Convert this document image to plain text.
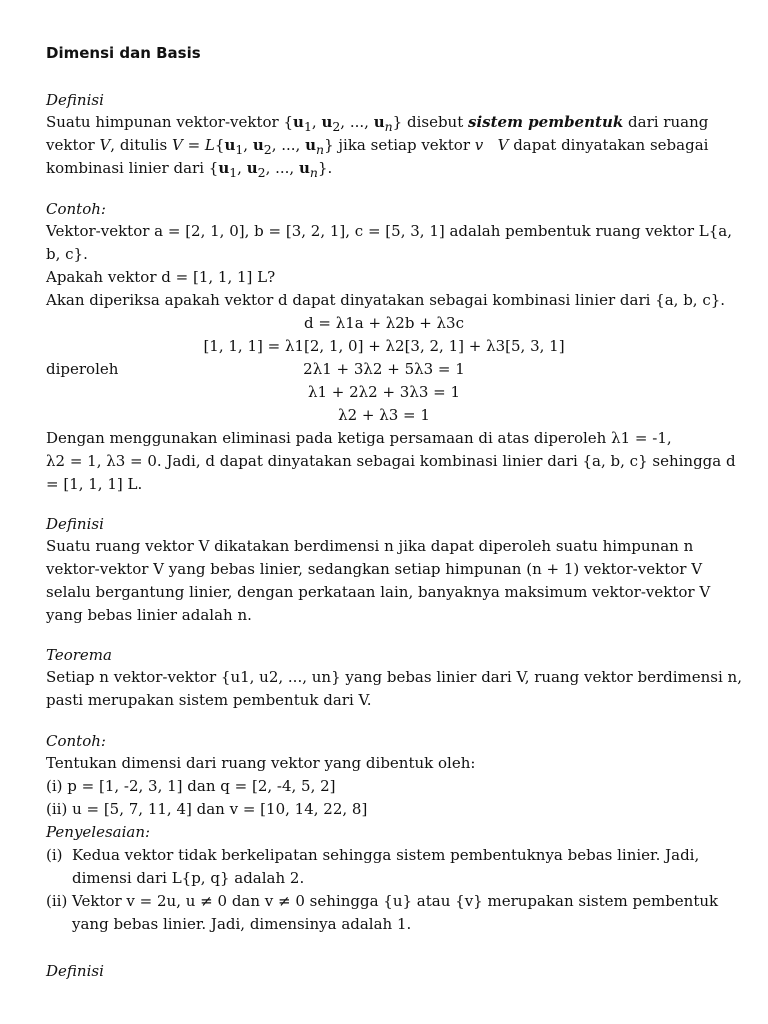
Dimensi dan Basis
Definisi
Suatu himpunan vektor-vektor {$u_1$, $u_2$, ..., $u_n$} disebut sistem pembentuk dari ruang
vektor V, ditulis $V = L\{u_1$, $u_2$, ..., $u_n$} jika setiap vektor v V dapat dinyatakan sebagai
kombinasi linier dari {$u_1$, $u_2$, ..., $u_n$}.
Contoh:
Vektor-vektor a = [2, 1, 0], b = [3, 2, 1], c = [5, 3, 1] adalah pembentuk ruang vektor L{a,
b, c}.
Apakah vektor d = [1, 1, 1] L?
Akan diperiksa apakah vektor d dapat dinyatakan sebagai kombinasi linier dari {a, b, c}.
d = λ1a + λ2b + λ3c
[1, 1, 1] = λ1[2, 1, 0] + λ2[3, 2, 1] + λ3[5, 3, 1]
diperoleh	2λ1 + 3λ2 + 5λ3 = 1
λ1 + 2λ2 + 3λ3 = 1
λ2 + λ3 = 1
Dengan menggunakan eliminasi pada ketiga persamaan di atas diperoleh λ1 = -1,
λ2 = 1, λ3 = 0. Jadi, d dapat dinyatakan sebagai kombinasi linier dari {a, b, c} sehingga d
= [1, 1, 1] L.
Definisi
Suatu ruang vektor V dikatakan berdimensi n jika dapat diperoleh suatu himpunan n
vektor-vektor V yang bebas linier, sedangkan setiap himpunan (n + 1) vektor-vektor V
selalu bergantung linier, dengan perkataan lain, banyaknya maksimum vektor-vektor V
yang bebas linier adalah n.
Teorema
Setiap n vektor-vektor {u1, u2, ..., un} yang bebas linier dari V, ruang vektor berdimensi n,
pasti merupakan sistem pembentuk dari V.
Contoh:
Tentukan dimensi dari ruang vektor yang dibentuk oleh:
(i) p = [1, -2, 3, 1] dan q = [2, -4, 5, 2]
(ii) u = [5, 7, 11, 4] dan v = [10, 14, 22, 8]
Penyelesaian:
(i) Kedua vektor tidak berkelipatan sehingga sistem pembentuknya bebas linier. Jadi,
dimensi dari L{p, q} adalah 2.
(ii) Vektor v = 2u, u ≠ 0 dan v ≠ 0 sehingga {u} atau {v} merupakan sistem pembentuk
yang bebas linier. Jadi, dimensinya adalah 1.
Definisi
